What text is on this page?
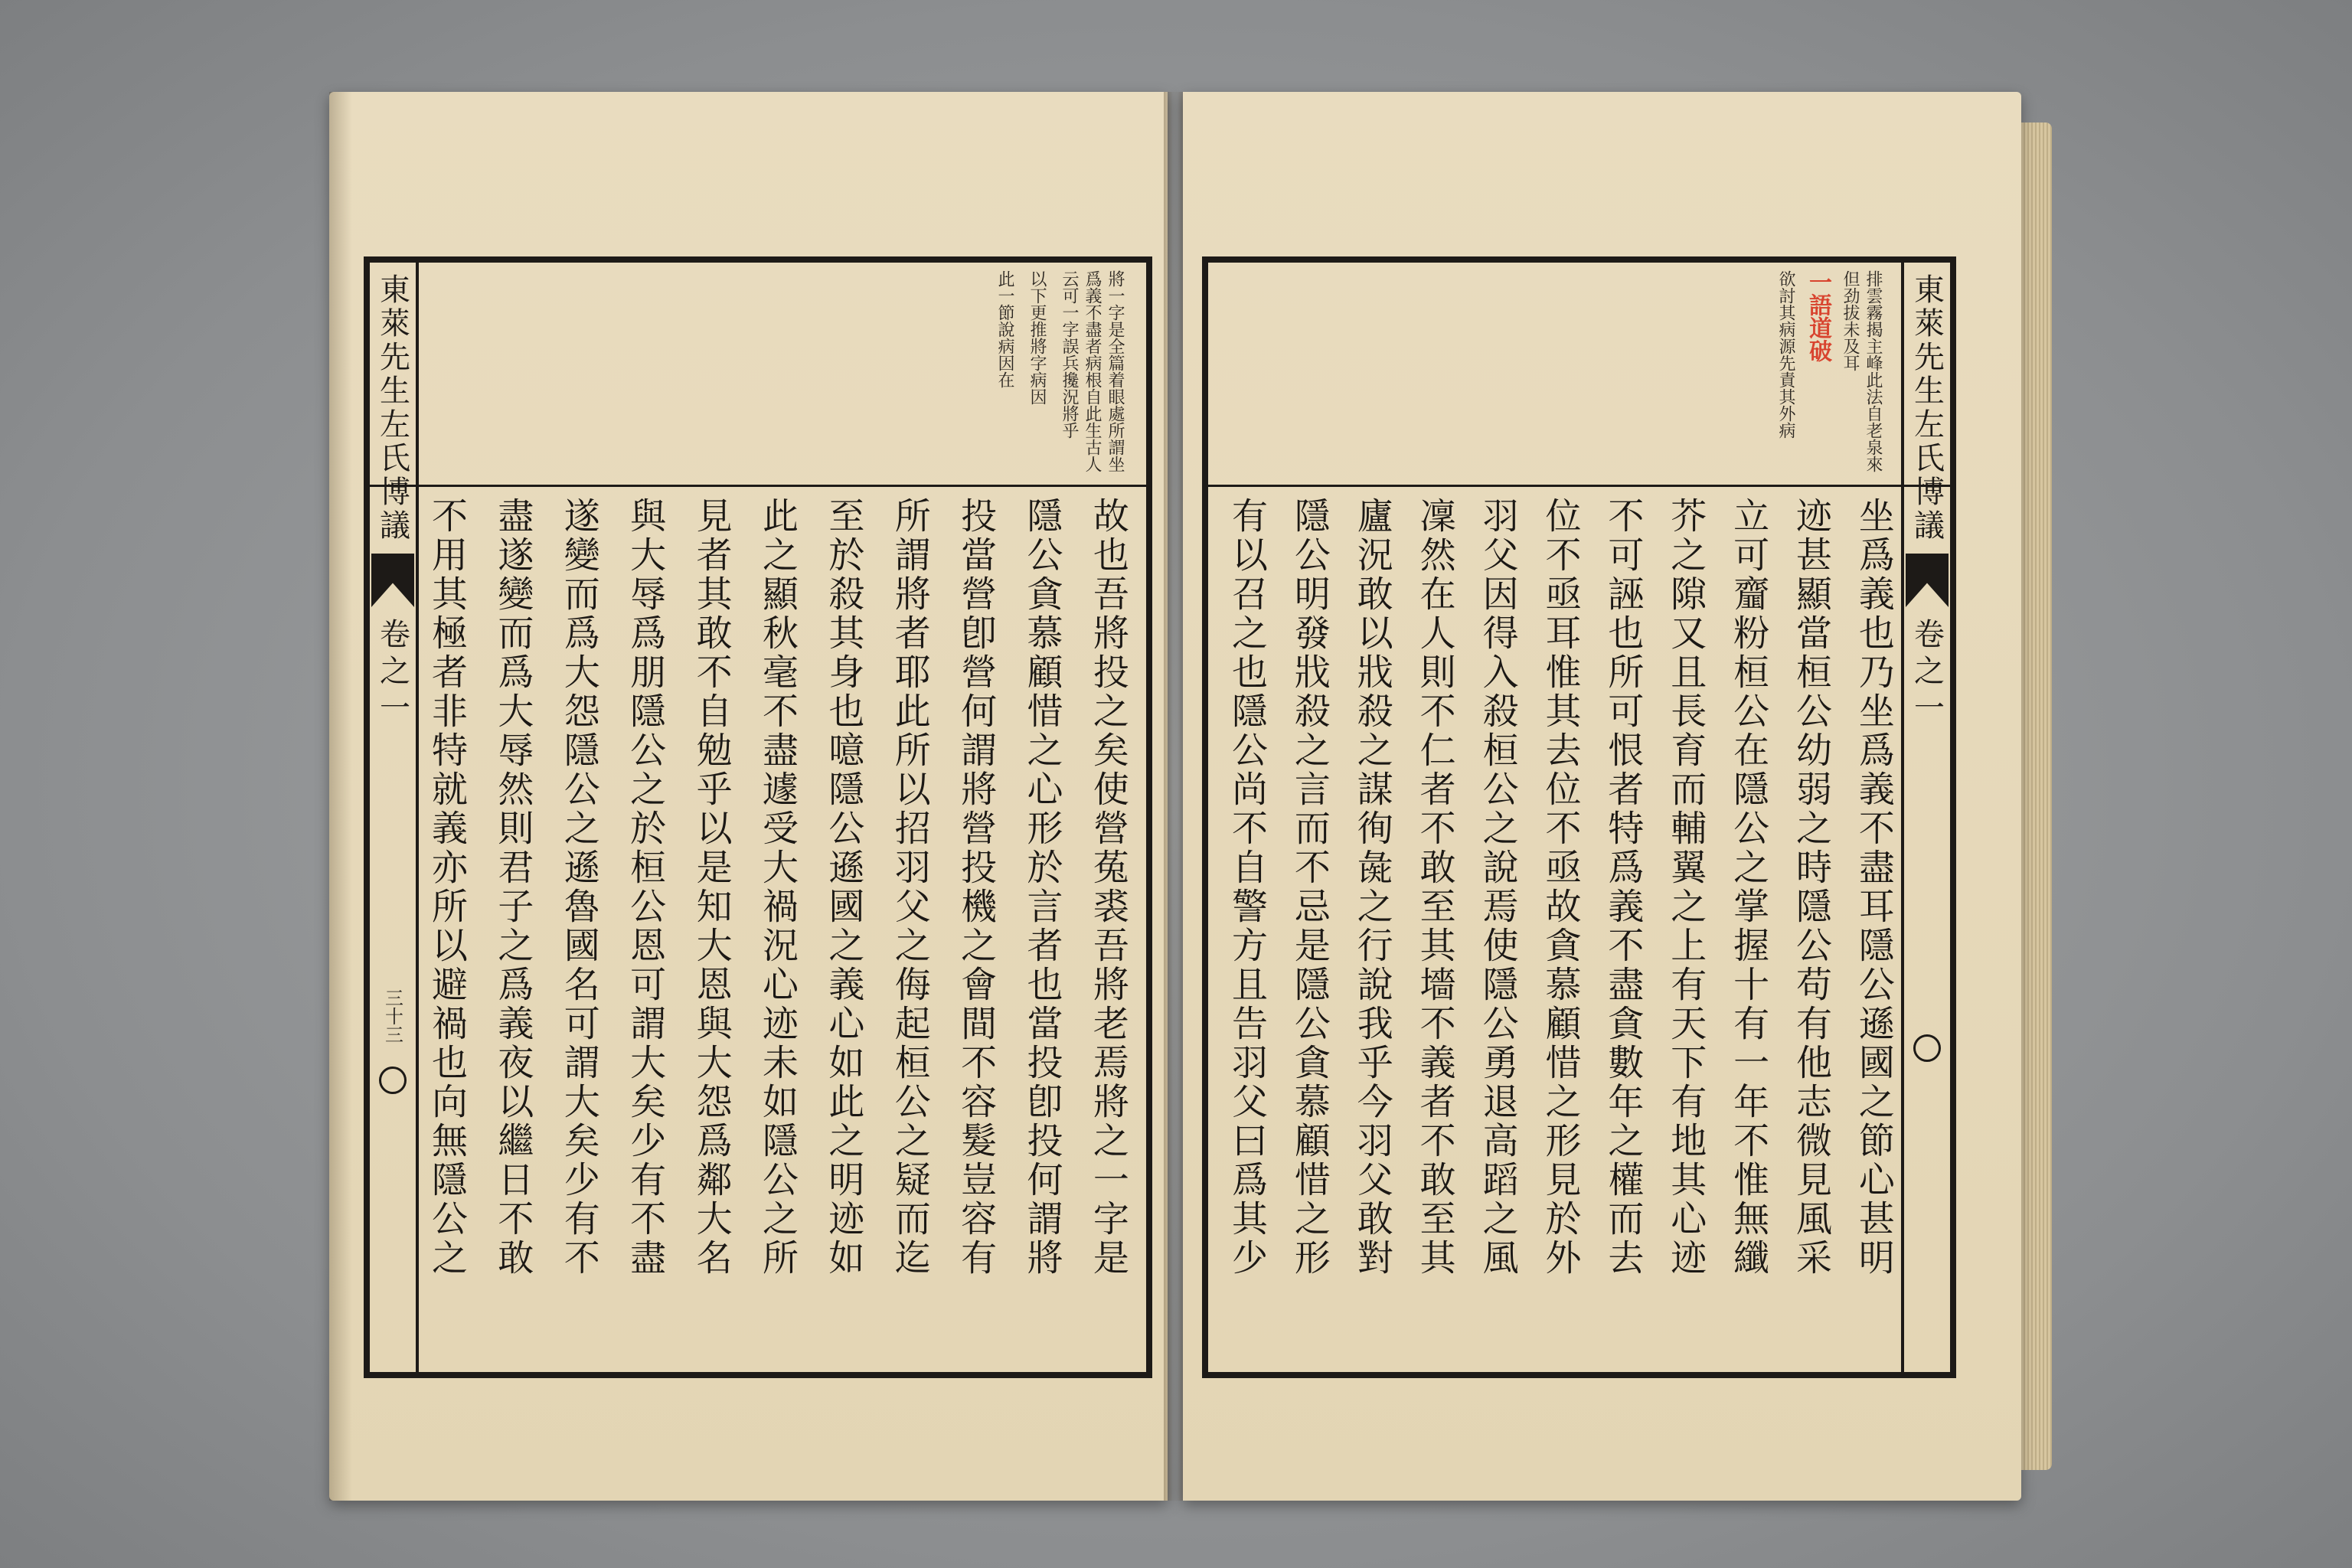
東萊先生左氏博議
卷之一
三十三
將一字是全篇着眼處所謂坐爲義不盡者病根自此生古人云可一字誤兵攙況將乎
以下更推將字病因
此一節說病因在
故也吾將投之矣使營菟裘吾將老焉將之一字是
隱公貪慕顧惜之心形於言者也當投卽投何謂將
投當營卽營何謂將營投機之會間不容髮豈容有
所謂將者耶此所以招羽父之侮起桓公之疑而迄
至於殺其身也噫隱公遜國之義心如此之明迹如
此之顯秋毫不盡遽受大禍況心迹未如隱公之所
見者其敢不自勉乎以是知大恩與大怨爲鄰大名
與大辱爲朋隱公之於桓公恩可謂大矣少有不盡
遂變而爲大怨隱公之遜魯國名可謂大矣少有不
盡遂變而爲大辱然則君子之爲義夜以繼日不敢
不用其極者非特就義亦所以避禍也向無隱公之
東萊先生左氏博議
卷之一
排雲霧揭主峰此法自老泉來但劲拔未及耳
一語道破
欲討其病源先責其外病
坐爲義也乃坐爲義不盡耳隱公遜國之節心甚明
迹甚顯當桓公幼弱之時隱公苟有他志微見風采
立可齏粉桓公在隱公之掌握十有一年不惟無纖
芥之隙又且長育而輔翼之上有天下有地其心迹
不可誣也所可恨者特爲義不盡貪數年之權而去
位不亟耳惟其去位不亟故貪慕顧惜之形見於外
羽父因得入殺桓公之說焉使隱公勇退高蹈之風
凜然在人則不仁者不敢至其墻不義者不敢至其
廬況敢以戕殺之謀徇彘之行說我乎今羽父敢對
隱公明發戕殺之言而不忌是隱公貪慕顧惜之形
有以召之也隱公尚不自警方且告羽父曰爲其少
